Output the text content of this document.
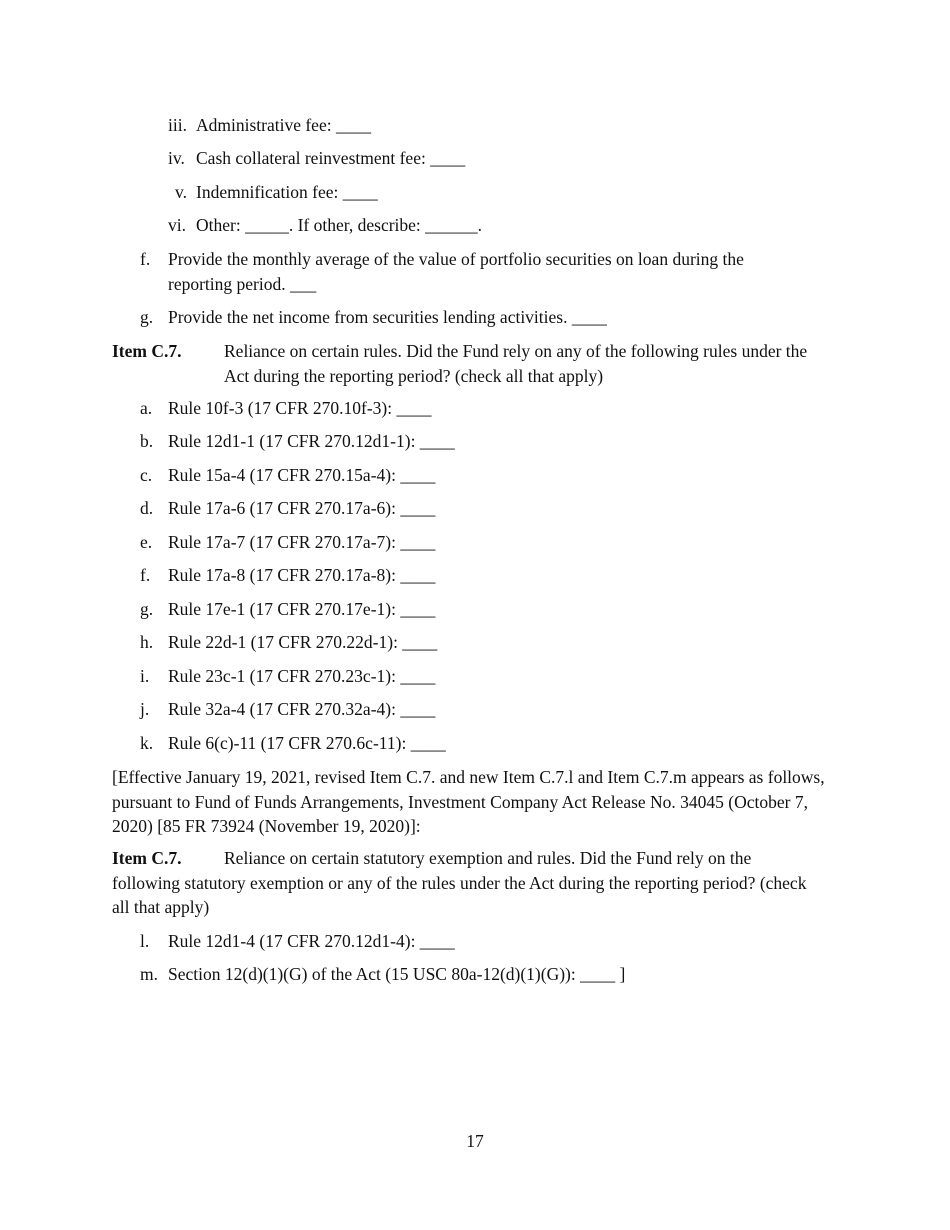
iii. Administrative fee: ____
iv. Cash collateral reinvestment fee: ____
v. Indemnification fee: ____
vi. Other: _____. If other, describe: ______.
f. Provide the monthly average of the value of portfolio securities on loan during the reporting period. ___
g. Provide the net income from securities lending activities. ____
Item C.7. Reliance on certain rules. Did the Fund rely on any of the following rules under the Act during the reporting period? (check all that apply)
a. Rule 10f-3 (17 CFR 270.10f-3): ____
b. Rule 12d1-1 (17 CFR 270.12d1-1): ____
c. Rule 15a-4 (17 CFR 270.15a-4): ____
d. Rule 17a-6 (17 CFR 270.17a-6): ____
e. Rule 17a-7 (17 CFR 270.17a-7): ____
f. Rule 17a-8 (17 CFR 270.17a-8): ____
g. Rule 17e-1 (17 CFR 270.17e-1): ____
h. Rule 22d-1 (17 CFR 270.22d-1): ____
i. Rule 23c-1 (17 CFR 270.23c-1): ____
j. Rule 32a-4 (17 CFR 270.32a-4): ____
k. Rule 6(c)-11 (17 CFR 270.6c-11): ____
[Effective January 19, 2021, revised Item C.7. and new Item C.7.l and Item C.7.m appears as follows, pursuant to Fund of Funds Arrangements, Investment Company Act Release No. 34045 (October 7, 2020) [85 FR 73924 (November 19, 2020)]:
Item C.7. Reliance on certain statutory exemption and rules. Did the Fund rely on the following statutory exemption or any of the rules under the Act during the reporting period? (check all that apply)
l. Rule 12d1-4 (17 CFR 270.12d1-4): ____
m. Section 12(d)(1)(G) of the Act (15 USC 80a-12(d)(1)(G)): ____ ]
17
